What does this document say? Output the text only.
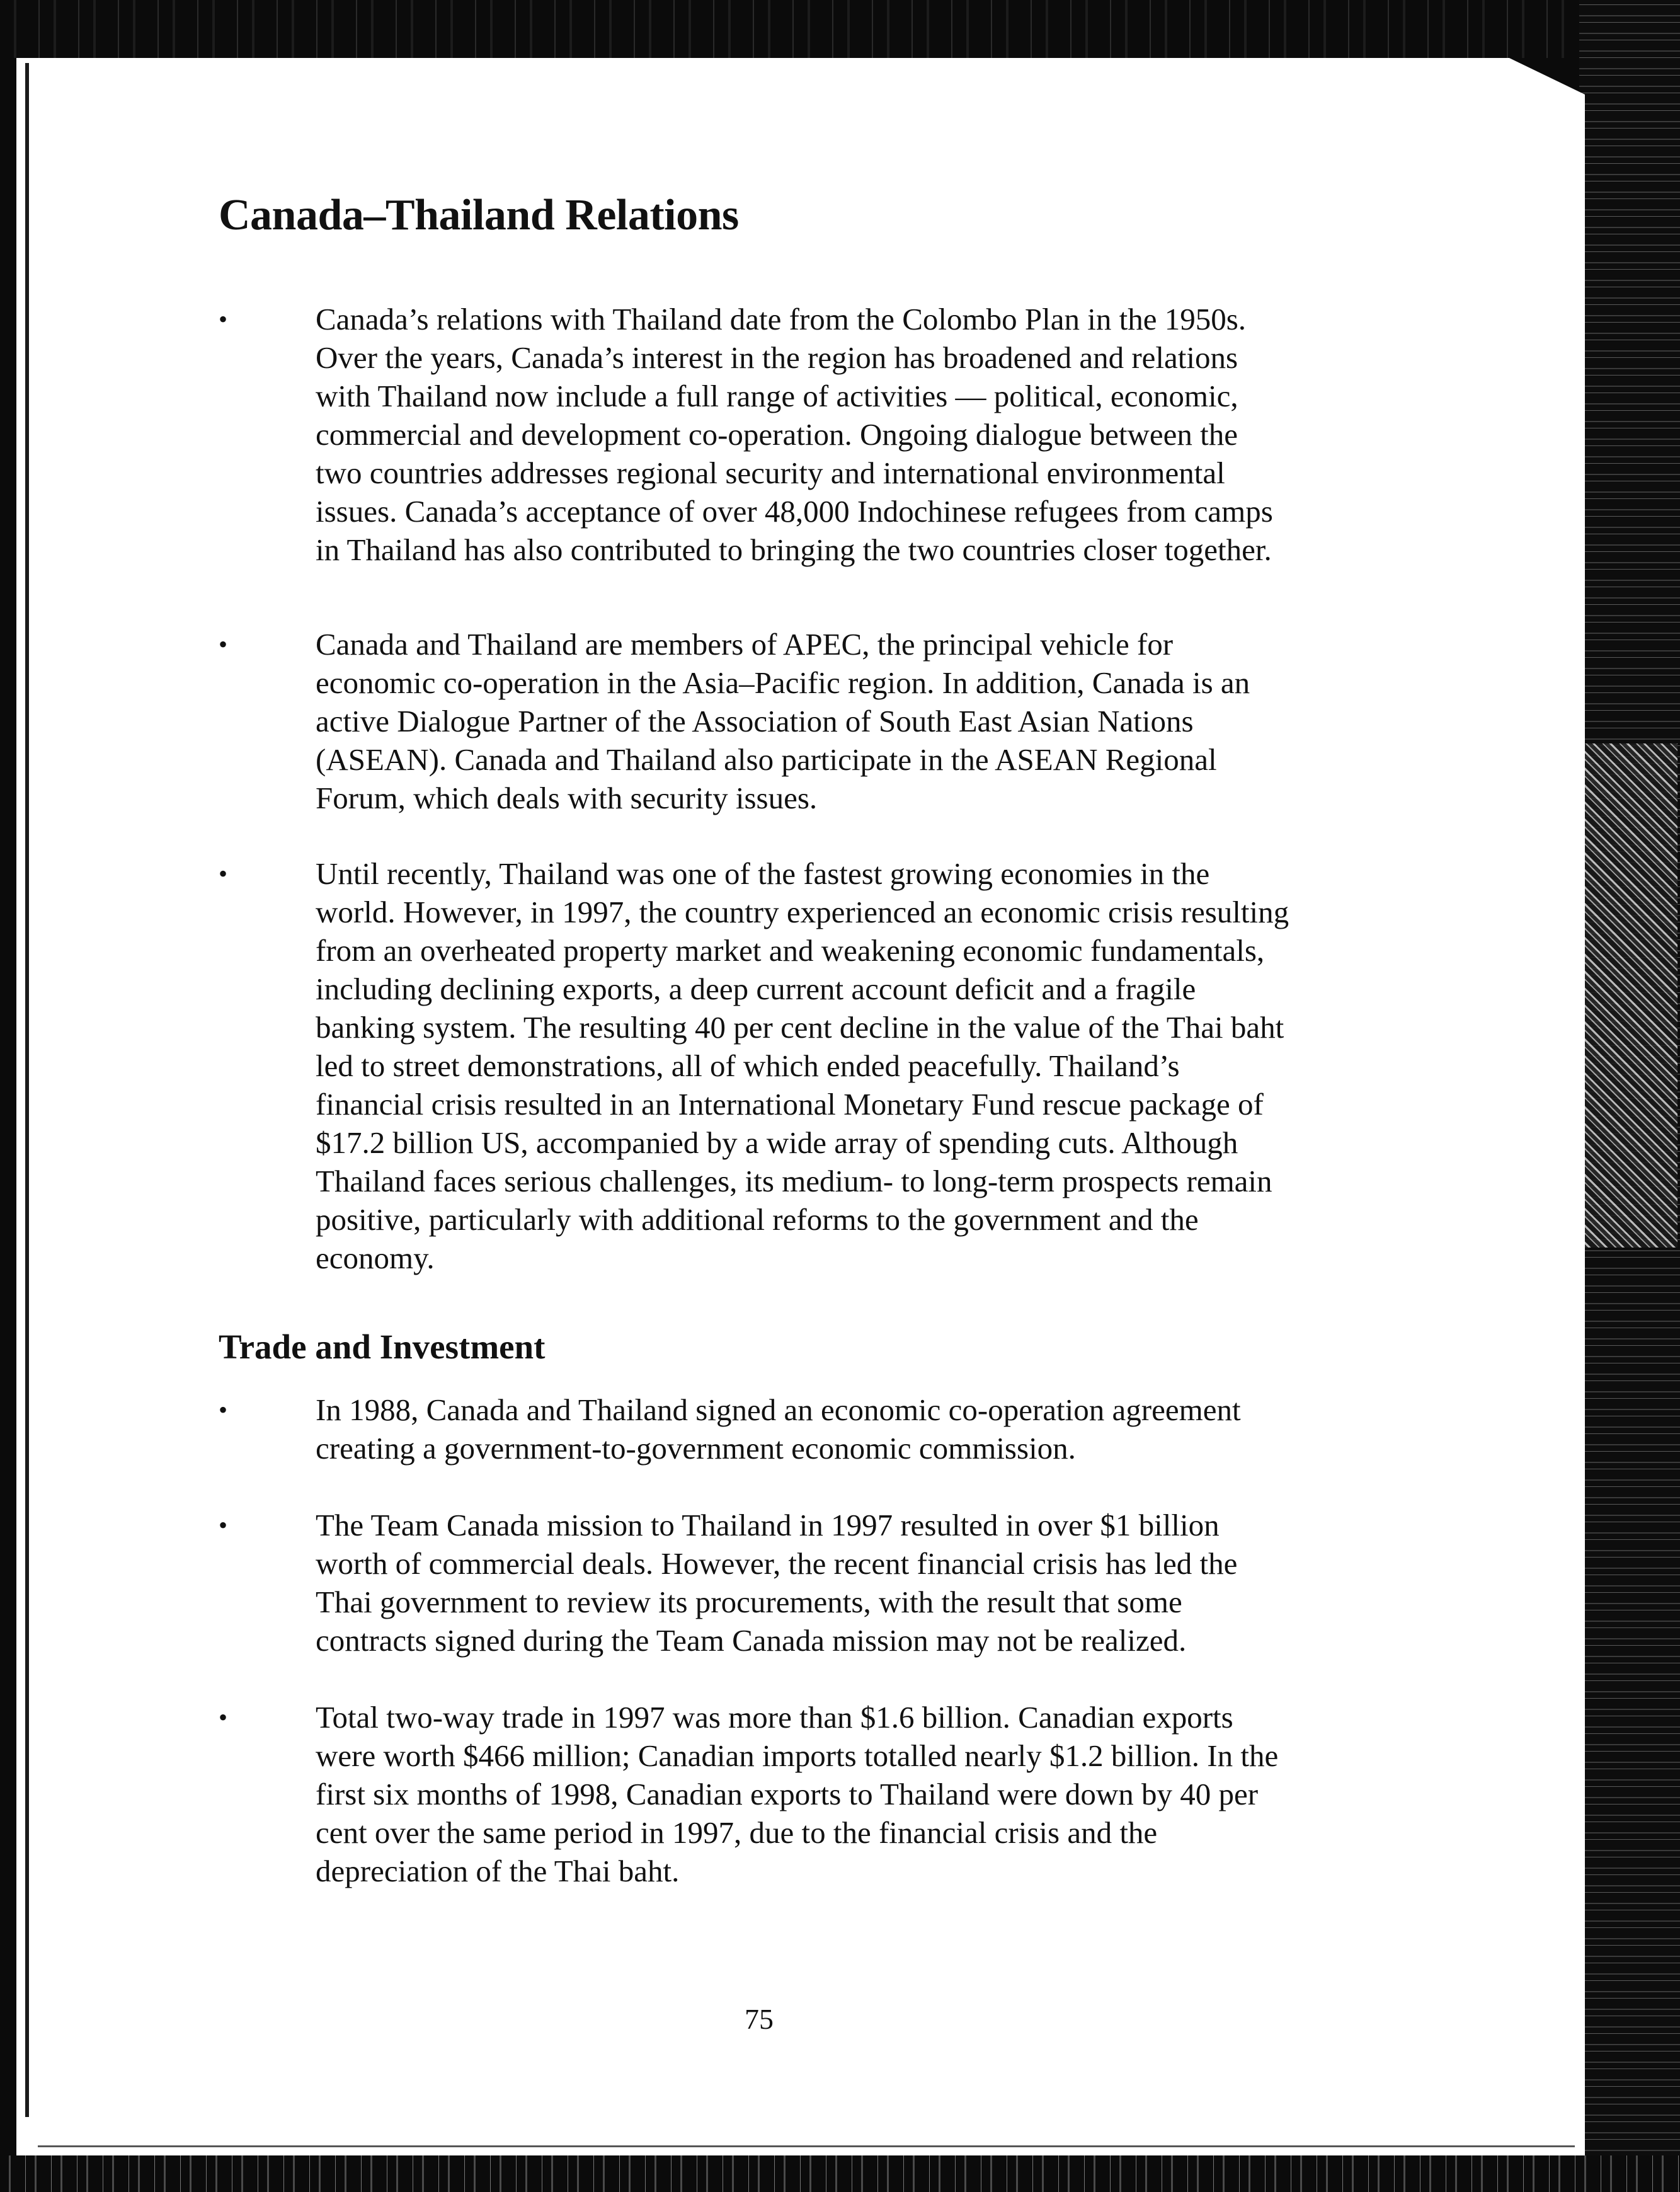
Canada–Thailand Relations
•	Canada’s relations with Thailand date from the Colombo Plan in the 1950s. Over the years, Canada’s interest in the region has broadened and relations with Thailand now include a full range of activities — political, economic, commercial and development co-operation. Ongoing dialogue between the two countries addresses regional security and international environmental issues. Canada’s acceptance of over 48,000 Indochinese refugees from camps in Thailand has also contributed to bringing the two countries closer together.
•	Canada and Thailand are members of APEC, the principal vehicle for economic co-operation in the Asia–Pacific region. In addition, Canada is an active Dialogue Partner of the Association of South East Asian Nations (ASEAN). Canada and Thailand also participate in the ASEAN Regional Forum, which deals with security issues.
•	Until recently, Thailand was one of the fastest growing economies in the world. However, in 1997, the country experienced an economic crisis resulting from an overheated property market and weakening economic fundamentals, including declining exports, a deep current account deficit and a fragile banking system. The resulting 40 per cent decline in the value of the Thai baht led to street demonstrations, all of which ended peacefully. Thailand’s financial crisis resulted in an International Monetary Fund rescue package of $17.2 billion US, accompanied by a wide array of spending cuts. Although Thailand faces serious challenges, its medium- to long-term prospects remain positive, particularly with additional reforms to the government and the economy.
Trade and Investment
•	In 1988, Canada and Thailand signed an economic co-operation agreement creating a government-to-government economic commission.
•	The Team Canada mission to Thailand in 1997 resulted in over $1 billion worth of commercial deals. However, the recent financial crisis has led the Thai government to review its procurements, with the result that some contracts signed during the Team Canada mission may not be realized.
•	Total two-way trade in 1997 was more than $1.6 billion. Canadian exports were worth $466 million; Canadian imports totalled nearly $1.2 billion. In the first six months of 1998, Canadian exports to Thailand were down by 40 per cent over the same period in 1997, due to the financial crisis and the depreciation of the Thai baht.
75
